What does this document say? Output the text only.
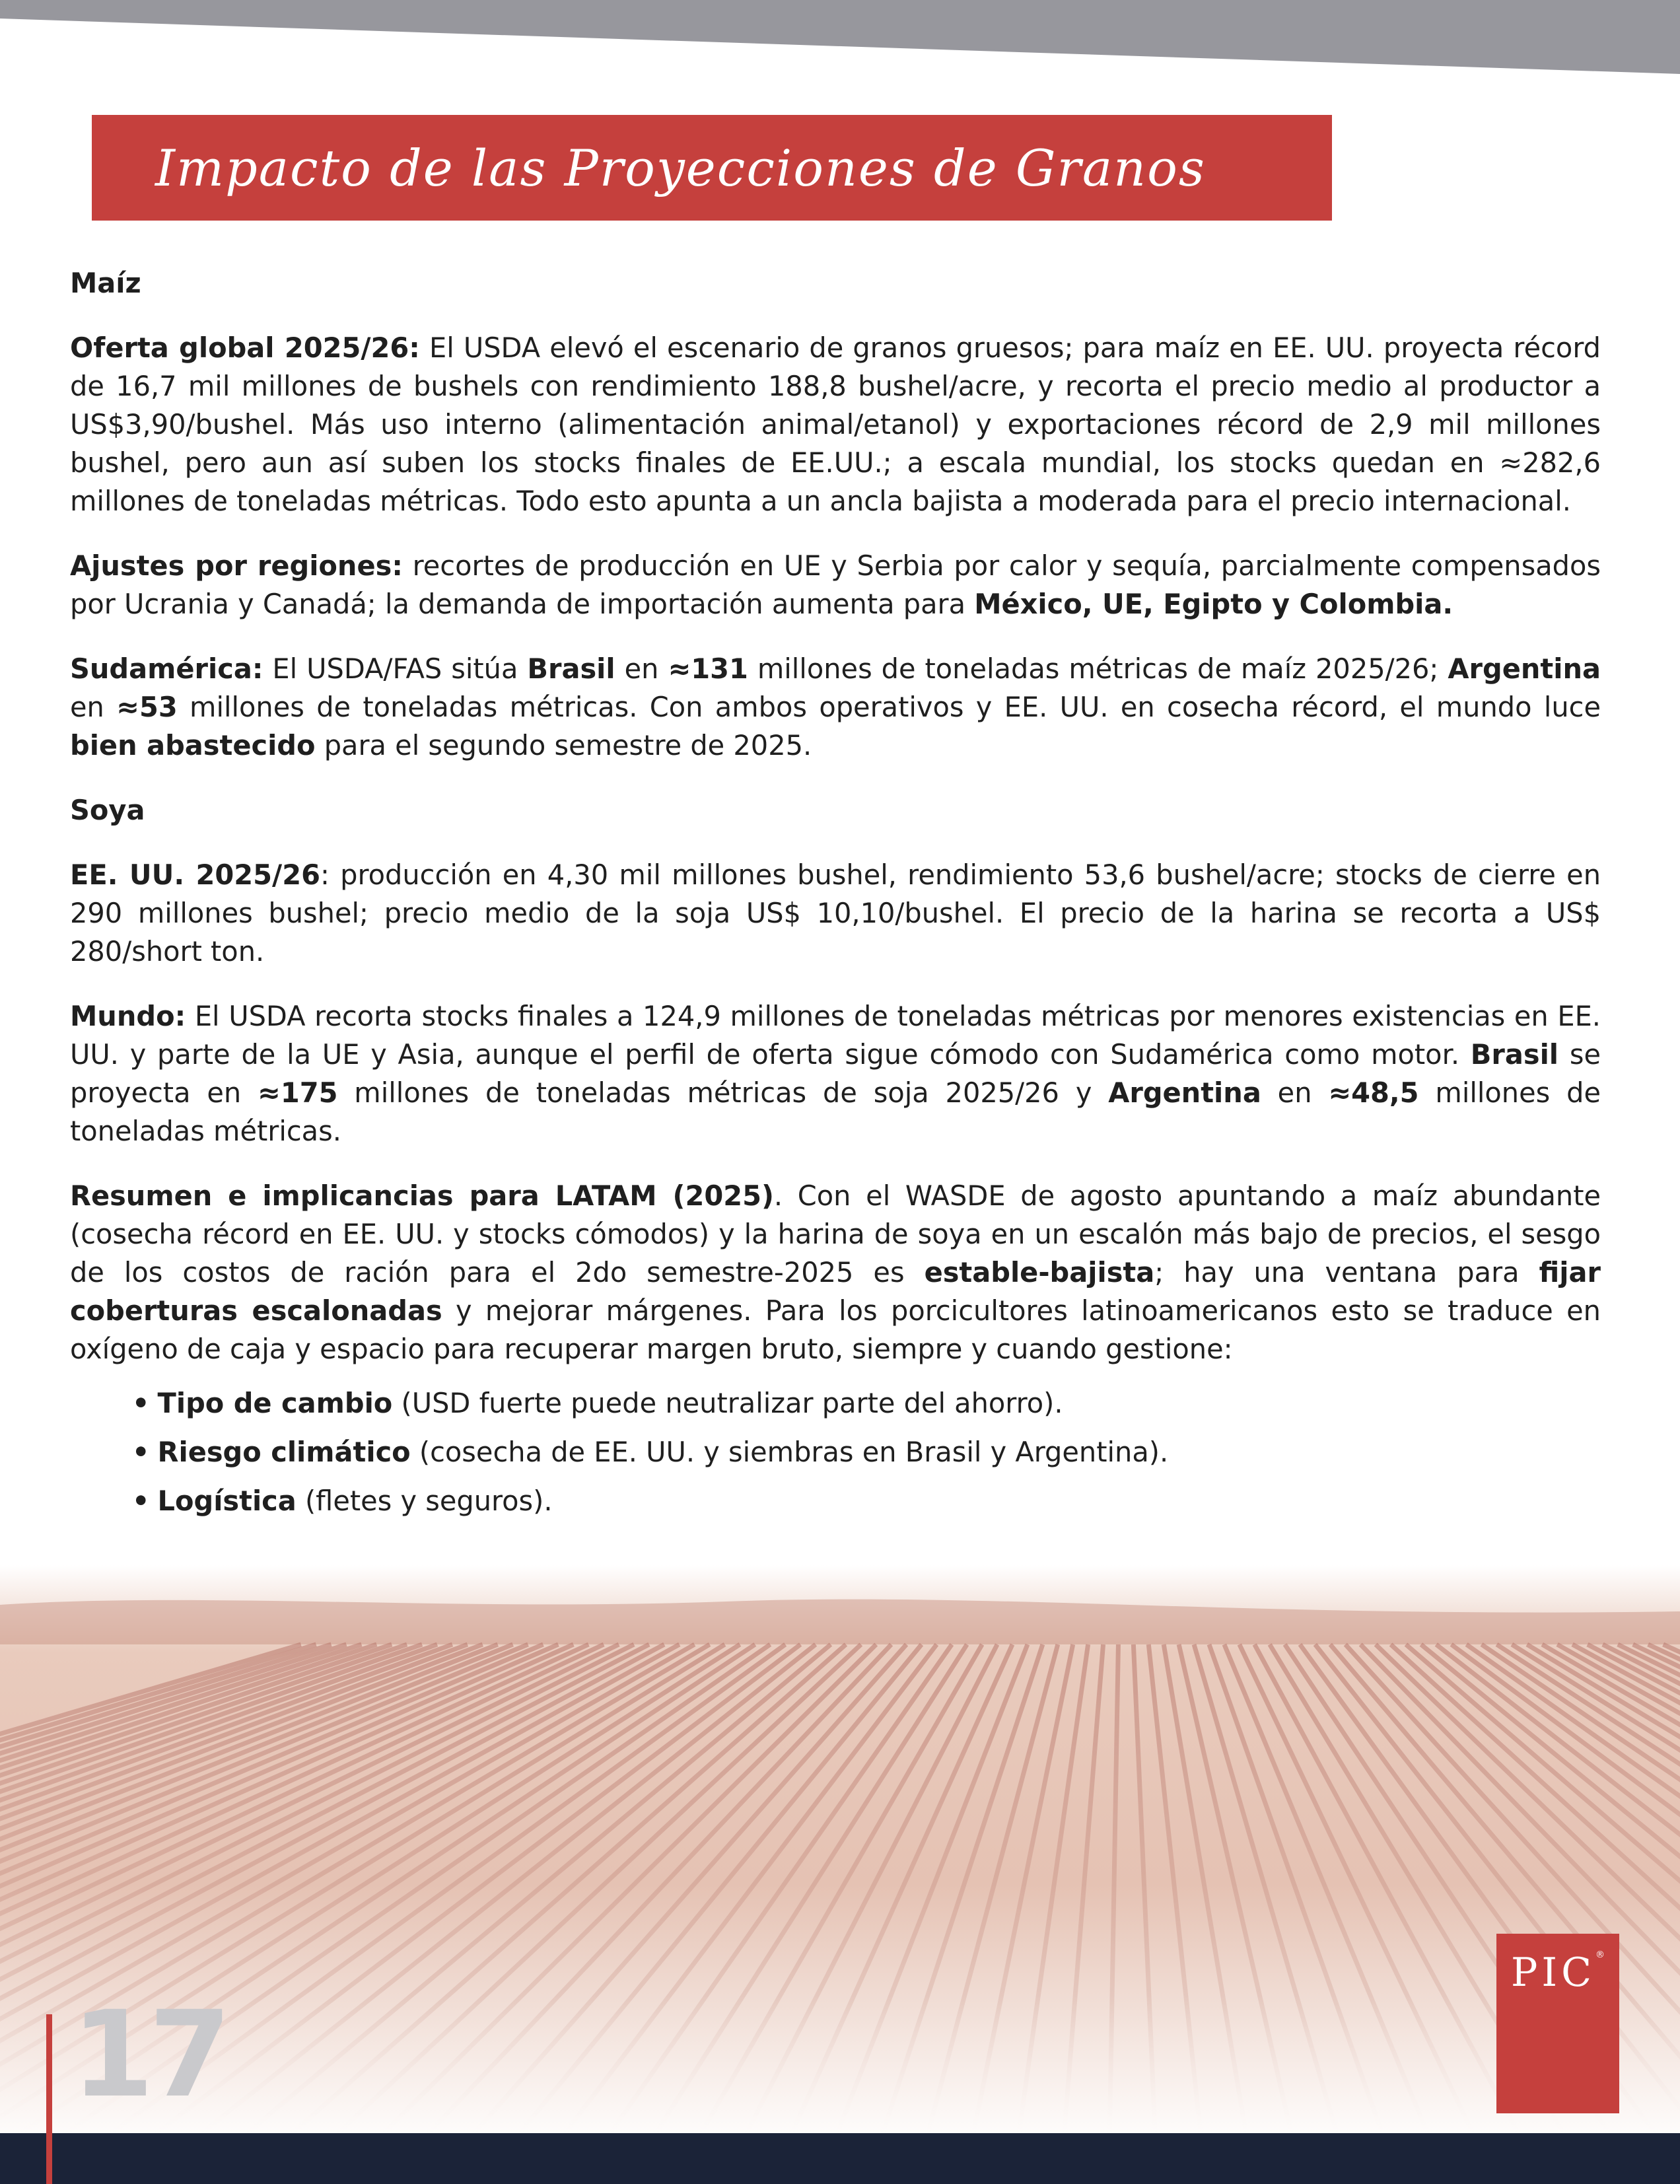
Impacto de las Proyecciones de Granos

Maíz

Oferta global 2025/26: El USDA elevó el escenario de granos gruesos; para maíz en EE. UU. proyecta récord de 16,7 mil millones de bushels con rendimiento 188,8 bushel/acre, y recorta el precio medio al productor a US$3,90/bushel. Más uso interno (alimentación animal/etanol) y exportaciones récord de 2,9 mil millones bushel, pero aun así suben los stocks finales de EE.UU.; a escala mundial, los stocks quedan en ≈282,6 millones de toneladas métricas. Todo esto apunta a un ancla bajista a moderada para el precio internacional.

Ajustes por regiones: recortes de producción en UE y Serbia por calor y sequía, parcialmente compensados por Ucrania y Canadá; la demanda de importación aumenta para México, UE, Egipto y Colombia.

Sudamérica: El USDA/FAS sitúa Brasil en ≈131 millones de toneladas métricas de maíz 2025/26; Argentina en ≈53 millones de toneladas métricas. Con ambos operativos y EE. UU. en cosecha récord, el mundo luce bien abastecido para el segundo semestre de 2025.

Soya

EE. UU. 2025/26: producción en 4,30 mil millones bushel, rendimiento 53,6 bushel/acre; stocks de cierre en 290 millones bushel; precio medio de la soja US$ 10,10/bushel. El precio de la harina se recorta a US$ 280/short ton.

Mundo: El USDA recorta stocks finales a 124,9 millones de toneladas métricas por menores existencias en EE. UU. y parte de la UE y Asia, aunque el perfil de oferta sigue cómodo con Sudamérica como motor. Brasil se proyecta en ≈175 millones de toneladas métricas de soja 2025/26 y Argentina en ≈48,5 millones de toneladas métricas.

Resumen e implicancias para LATAM (2025). Con el WASDE de agosto apuntando a maíz abundante (cosecha récord en EE. UU. y stocks cómodos) y la harina de soya en un escalón más bajo de precios, el sesgo de los costos de ración para el 2do semestre-2025 es estable-bajista; hay una ventana para fijar coberturas escalonadas y mejorar márgenes. Para los porcicultores latinoamericanos esto se traduce en oxígeno de caja y espacio para recuperar margen bruto, siempre y cuando gestione:

• Tipo de cambio (USD fuerte puede neutralizar parte del ahorro).
• Riesgo climático (cosecha de EE. UU. y siembras en Brasil y Argentina).
• Logística (fletes y seguros).
17
PIC®
